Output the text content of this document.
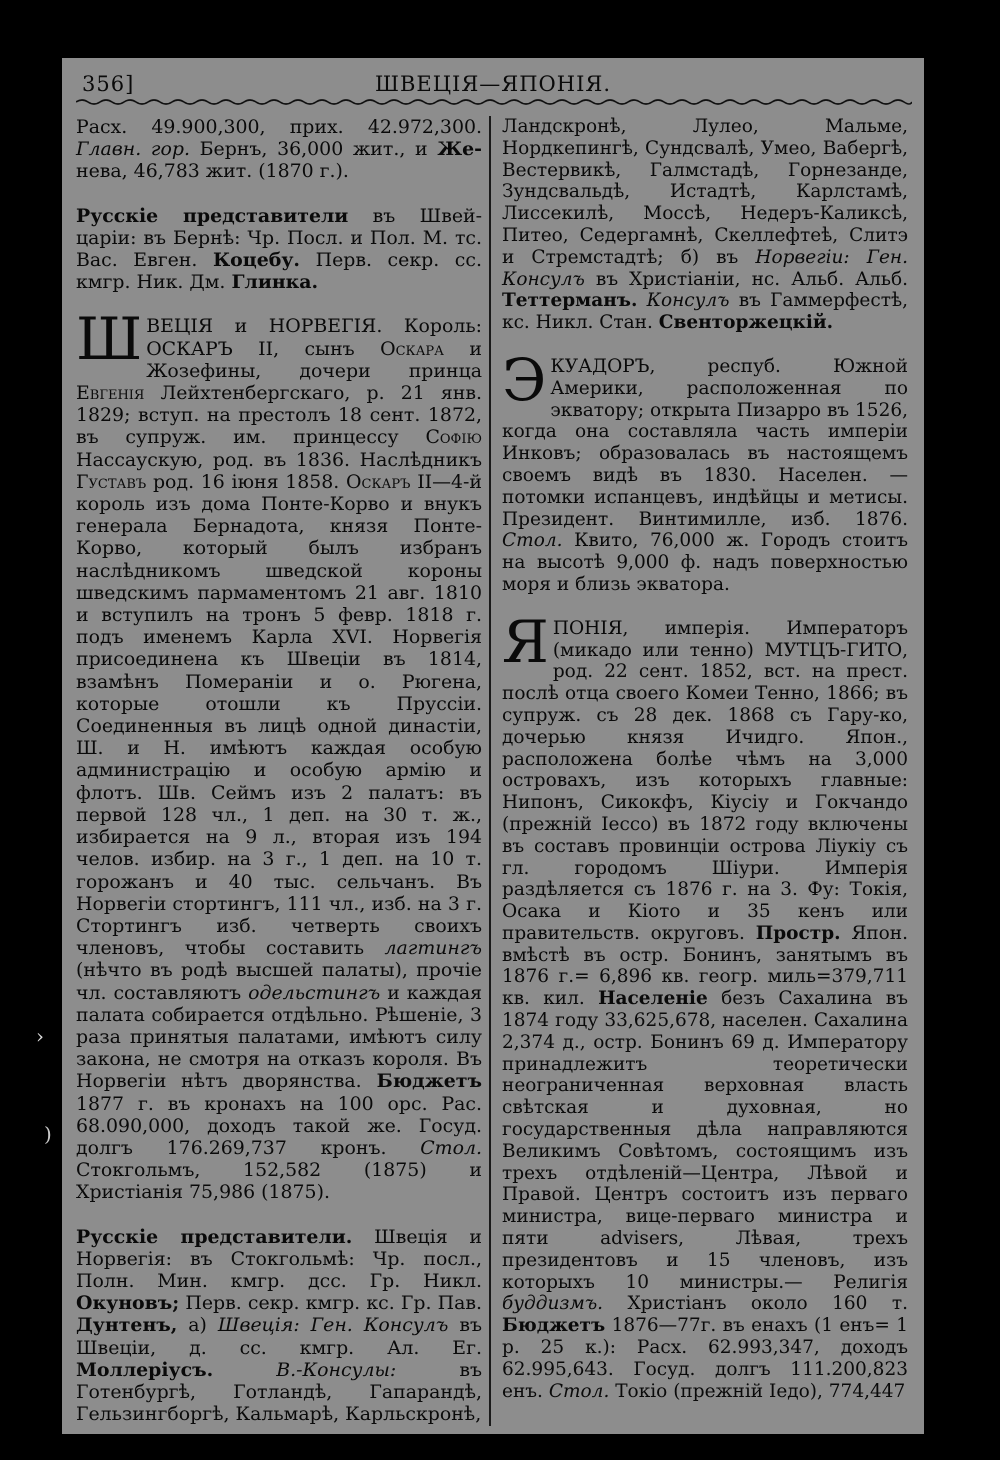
356]	ШВЕЦІЯ—ЯПОНІЯ.

Расх. 49.900,300, прих. 42.972,300. Главн. гор. Бернъ, 36,000 жит., и Же- нева, 46,783 жит. (1870 г.).

Русскіе представители въ Швей-царіи: въ Бернѣ: Чр. Посл. и Пол. М. тс. Вас. Евген. Коцебу. Перв. секр. сс. кмгр. Ник. Дм. Глинка.

Ш ВЕЦІЯ и НОРВЕГІЯ. Король: ОСКАРЪ II, сынъ Оскара и Жозефины, дочери принца Евгенія Лейхтенбергскаго, р. 21 янв. 1829; вступ. на престолъ 18 сент. 1872, въ супруж. им. принцессу Софію Нассаускую, род. въ 1836. Наслѣдникъ Густавъ род. 16 іюня 1858. Оскаръ II—4-й король изъ дома Понте-Корво и внукъ генерала Бернадота, князя Понте-Корво, который былъ избранъ наслѣдникомъ шведской короны шведскимъ пармаментомъ 21 авг. 1810 и вступилъ на тронъ 5 февр. 1818 г. подъ именемъ Карла XVI. Норвегія присоединена къ Швеціи въ 1814, взамѣнъ Помераніи и о. Рюгена, которые отошли къ Пруссіи. Соединенныя въ лицѣ одной династіи, Ш. и Н. имѣютъ каждая особую администрацію и особую армію и флотъ. Шв. Сеймъ изъ 2 палатъ: въ первой 128 чл., 1 деп. на 30 т. ж., избирается на 9 л., вторая изъ 194 челов. избир. на 3 г., 1 деп. на 10 т. горожанъ и 40 тыс. сельчанъ. Въ Норвегіи стортингъ, 111 чл., изб. на 3 г. Стортингъ изб. четверть своихъ членовъ, чтобы составить лагтингъ (нѣчто въ родѣ высшей палаты), прочіе чл. составляютъ одельстингъ и каждая палата собирается отдѣльно. Рѣшеніе, 3 раза принятыя палатами, имѣютъ силу закона, не смотря на отказъ короля. Въ Норвегіи нѣтъ дворянства. Бюджетъ 1877 г. въ кронахъ на 100 орс. Рас. 68.090,000, доходъ такой же. Госуд. долгъ 176.269,737 кронъ. Стол. Стокгольмъ, 152,582 (1875) и Христіанія 75,986 (1875).

Русскіе представители. Швеція и Норвегія: въ Стокгольмѣ: Чр. посл., Полн. Мин. кмгр. дсс. Гр. Никл. Окуновъ; Перв. секр. кмгр. кс. Гр. Пав. Дунтенъ, а) Швеція: Ген. Консулъ въ Швеціи, д. сс. кмгр. Ал. Ег. Моллеріусъ.	В.-Консулы:	въ Готенбургѣ, Готландѣ, Гапарандѣ, Гельзингборгѣ, Кальмарѣ, Карльскронѣ,

Ландскронѣ, Лулео, Мальме, Нордкепингѣ, Сундсвалѣ, Умео, Вабергѣ, Вестервикѣ, Галмстадѣ, Горнезанде, Зундсвальдѣ, Истадтѣ, Карлстамѣ, Лиссекилѣ, Моссѣ, Недеръ-Каликсѣ, Питео, Седергамнѣ, Скеллефтеѣ, Слитэ и Стремстадтѣ; б) въ Норвегіи: Ген. Консулъ въ Христіаніи, нс. Альб. Альб. Теттерманъ. Консулъ въ Гаммерфестѣ, кс. Никл. Стан. Свенторжецкій.

Э КУАДОРЪ,	респуб. Южной Америки, расположенная по экватору; открыта Пизарро въ 1526, когда она составляла часть имперіи Инковъ; образовалась въ настоящемъ своемъ видѣ въ 1830. Населен. — потомки испанцевъ, индѣйцы и метисы. Президент. Винтимилле, изб. 1876. Стол. Квито, 76,000 ж. Городъ стоитъ на высотѣ 9,000 ф. надъ поверхностью моря и близь экватора.

Я ПОНІЯ, имперія. Императоръ (микадо или тенно) МУТЦЪ-ГИТО, род. 22 сент. 1852, вст. на прест. послѣ отца своего Комеи Тенно, 1866; въ супруж. съ 28 дек. 1868 съ Гару-ко, дочерью князя Ичидго. Япон., расположена болѣе чѣмъ на 3,000 островахъ, изъ которыхъ главные: Нипонъ, Сикокфъ, Кіусіу и Гокчандо (прежній Іессо) въ 1872 году включены въ составъ провинціи острова Ліукіу съ гл. городомъ Шіури. Имперія раздѣляется съ 1876 г. на 3. Фу: Токія, Осака и Кіото и 35 кенъ или правительств. округовъ. Простр. Япон. вмѣстѣ въ остр. Бонинъ, занятымъ въ 1876 г.= 6,896 кв. геогр. миль=379,711 кв. кил. Населеніе безъ Сахалина въ 1874 году 33,625,678, населен. Сахалина 2,374 д., остр. Бонинъ 69 д. Императору принадлежитъ теоретически неограниченная верховная власть свѣтская и духовная, но государственныя дѣла направляются Великимъ Совѣтомъ, состоящимъ изъ трехъ отдѣленій—Центра, Лѣвой и Правой. Центръ состоитъ изъ перваго министра, вице-перваго министра и пяти advisers, Лѣвая, трехъ президентовъ и 15 членовъ, изъ которыхъ 10 министры.— Религія буддизмъ. Христіанъ около 160 т. Бюджетъ 1876—77г. въ енахъ (1 енъ= 1 р. 25 к.): Расх. 62.993,347, доходъ 62.995,643. Госуд. долгъ 111.200,823 енъ. Стол. Токіо (прежній Іедо), 774,447

›
)
